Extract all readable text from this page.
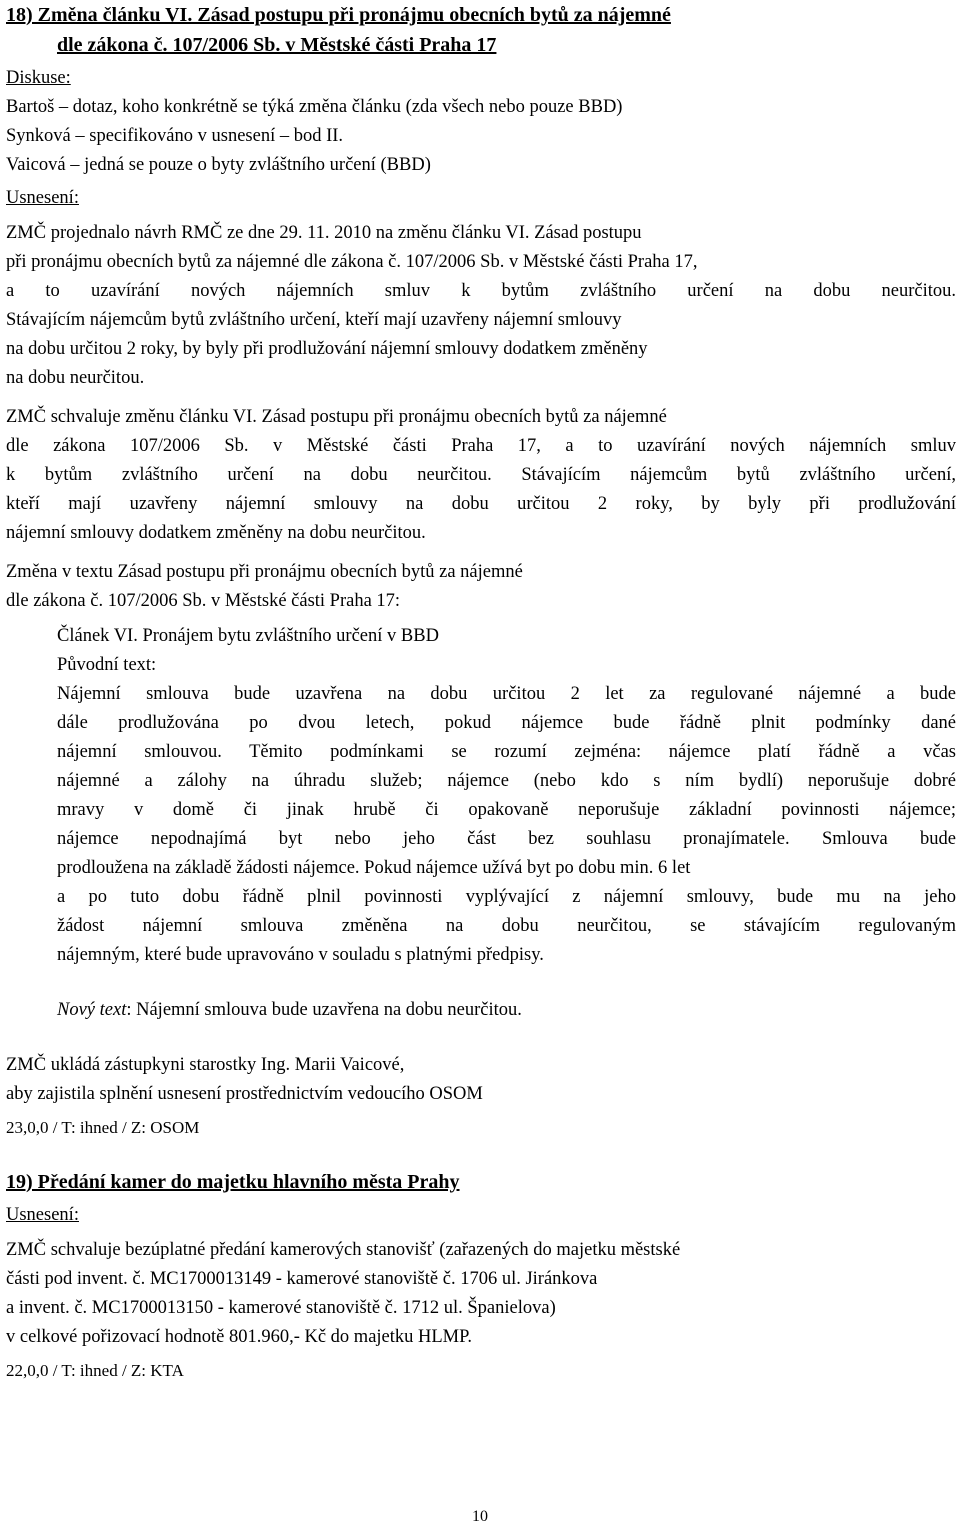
18) Změna článku VI. Zásad postupu při pronájmu obecních bytů za nájemné

dle zákona č. 107/2006 Sb. v Městské části Praha 17

Diskuse:

Bartoš – dotaz, koho konkrétně se týká změna článku (zda všech nebo pouze BBD)

Synková – specifikováno v usnesení – bod II.

Vaicová – jedná se pouze o byty zvláštního určení (BBD)

Usnesení:

ZMČ projednalo návrh RMČ ze dne 29. 11. 2010 na změnu článku VI. Zásad postupu

při pronájmu obecních bytů za nájemné dle zákona č. 107/2006 Sb. v Městské části Praha 17,

a to uzavírání nových nájemních smluv k bytům zvláštního určení na dobu neurčitou.

Stávajícím nájemcům bytů zvláštního určení, kteří mají uzavřeny nájemní smlouvy

na dobu určitou 2 roky, by byly při prodlužování nájemní smlouvy dodatkem změněny

na dobu neurčitou.

ZMČ schvaluje změnu článku VI. Zásad postupu při pronájmu obecních bytů za nájemné

dle zákona 107/2006 Sb. v Městské části Praha 17, a to uzavírání nových nájemních smluv

k bytům zvláštního určení na dobu neurčitou. Stávajícím nájemcům bytů zvláštního určení,

kteří mají uzavřeny nájemní smlouvy na dobu určitou 2 roky, by byly při prodlužování

nájemní smlouvy dodatkem změněny na dobu neurčitou.

Změna v textu Zásad postupu při pronájmu obecních bytů za nájemné

dle zákona č. 107/2006 Sb. v Městské části Praha 17:

Článek VI. Pronájem bytu zvláštního určení v BBD

Původní text:

Nájemní smlouva bude uzavřena na dobu určitou 2 let za regulované nájemné a bude

dále prodlužována po dvou letech, pokud nájemce bude řádně plnit podmínky dané

nájemní smlouvou. Těmito podmínkami se rozumí zejména: nájemce platí řádně a včas

nájemné a zálohy na úhradu služeb; nájemce (nebo kdo s ním bydlí) neporušuje dobré

mravy v domě či jinak hrubě či opakovaně neporušuje základní povinnosti nájemce;

nájemce nepodnajímá byt nebo jeho část bez souhlasu pronajímatele. Smlouva bude

prodloužena na základě žádosti nájemce. Pokud nájemce užívá byt po dobu min. 6 let

a po tuto dobu řádně plnil povinnosti vyplývající z nájemní smlouvy, bude mu na jeho

žádost nájemní smlouva změněna na dobu neurčitou, se stávajícím regulovaným

nájemným, které bude upravováno v souladu s platnými předpisy.

Nový text: Nájemní smlouva bude uzavřena na dobu neurčitou.

ZMČ ukládá zástupkyni starostky Ing. Marii Vaicové,

aby zajistila splnění usnesení prostřednictvím vedoucího OSOM

23,0,0 / T: ihned / Z: OSOM

19) Předání kamer do majetku hlavního města Prahy

Usnesení:

ZMČ schvaluje bezúplatné předání kamerových stanovišť (zařazených do majetku městské

části pod invent. č. MC1700013149 - kamerové stanoviště č. 1706 ul. Jiránkova

a invent. č. MC1700013150 - kamerové stanoviště č. 1712 ul. Španielova)

v celkové pořizovací hodnotě 801.960,- Kč do majetku HLMP.

22,0,0 / T: ihned / Z: KTA

10
